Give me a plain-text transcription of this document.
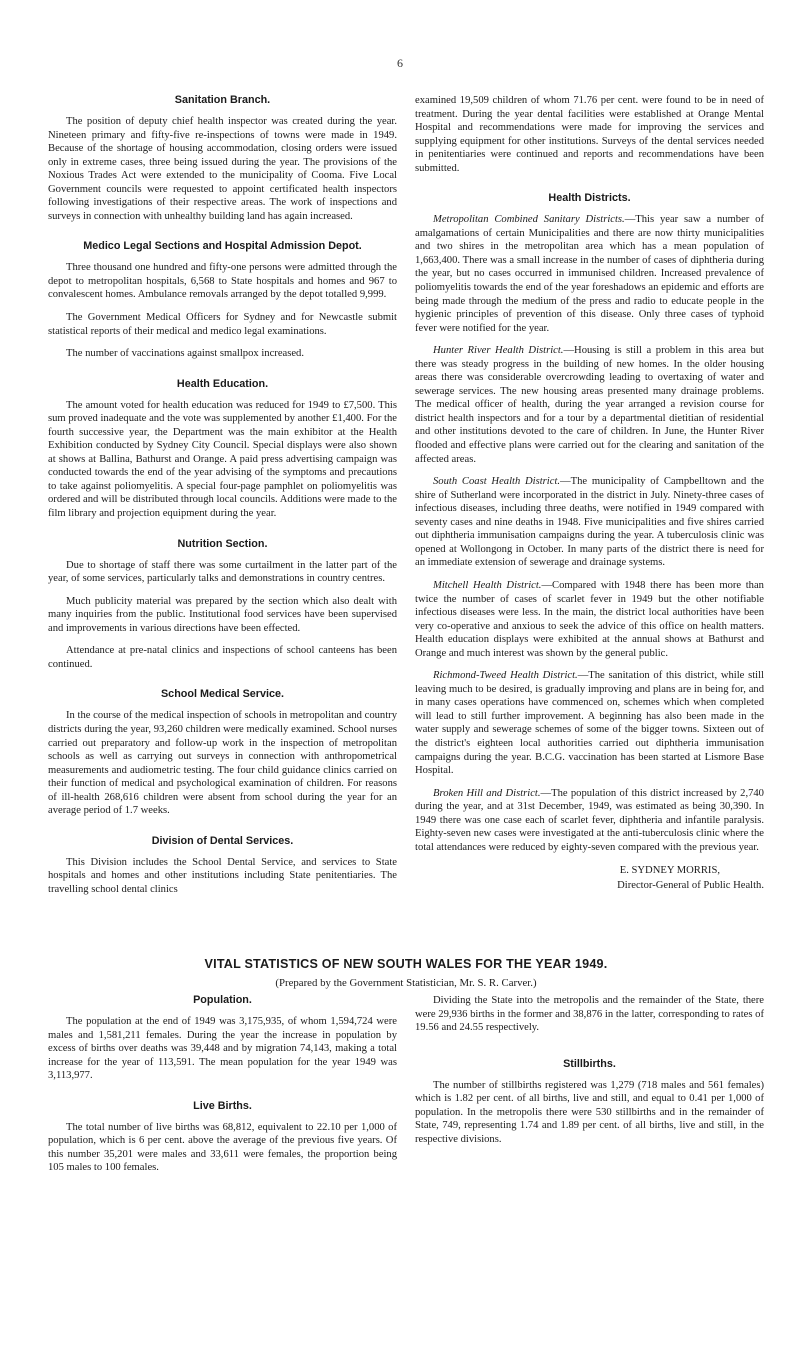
6
Sanitation Branch.

The position of deputy chief health inspector was created during the year. Nineteen primary and fifty-five re-inspections of towns were made in 1949. Because of the shortage of housing accommodation, closing orders were issued only in extreme cases, three being issued during the year. The provisions of the Noxious Trades Act were extended to the municipality of Cooma. Five Local Government councils were requested to appoint certificated health inspectors following investigations of their respective areas. The work of inspections and surveys in connection with unhealthy building land has again increased.

Medico Legal Sections and Hospital Admission Depot.

Three thousand one hundred and fifty-one persons were admitted through the depot to metropolitan hospitals, 6,568 to State hospitals and homes and 967 to convalescent homes. Ambulance removals arranged by the depot totalled 9,999.

The Government Medical Officers for Sydney and for Newcastle submit statistical reports of their medical and medico legal examinations.

The number of vaccinations against smallpox increased.

Health Education.

The amount voted for health education was reduced for 1949 to £7,500. This sum proved inadequate and the vote was supplemented by another £1,400. For the fourth successive year, the Department was the main exhibitor at the Health Exhibition conducted by Sydney City Council. Special displays were also shown at shows at Ballina, Bathurst and Orange. A paid press advertising campaign was conducted towards the end of the year advising of the symptoms and precautions to take against poliomyelitis. A special four-page pamphlet on poliomyelitis was ordered and will be distributed through local councils. Additions were made to the film library and projection equipment during the year.

Nutrition Section.

Due to shortage of staff there was some curtailment in the latter part of the year, of some services, particularly talks and demonstrations in country centres.

Much publicity material was prepared by the section which also dealt with many inquiries from the public. Institutional food services have been supervised and improvements in various directions have been effected.

Attendance at pre-natal clinics and inspections of school canteens has been continued.

School Medical Service.

In the course of the medical inspection of schools in metropolitan and country districts during the year, 93,260 children were medically examined. School nurses carried out preparatory and follow-up work in the inspection of metropolitan schools as well as carrying out surveys in connection with anthropometrical measurements and audiometric testing. The four child guidance clinics carried on their function of medical and psychological examination of children. For reasons of ill-health 268,616 children were absent from school during the year for an average period of 1.7 weeks.

Division of Dental Services.

This Division includes the School Dental Service, and services to State hospitals and homes and other institutions including State penitentiaries. The travelling school dental clinics

examined 19,509 children of whom 71.76 per cent. were found to be in need of treatment. During the year dental facilities were established at Orange Mental Hospital and recommendations were made for improving the services and supplying equipment for other institutions. Surveys of the dental services needed in penitentiaries were continued and reports and recommendations have been submitted.

Health Districts.

Metropolitan Combined Sanitary Districts.—This year saw a number of amalgamations of certain Municipalities and there are now thirty municipalities and two shires in the metropolitan area which has a mean population of 1,663,400. There was a small increase in the number of cases of diphtheria during the year, but no cases occurred in immunised children. Increased prevalence of poliomyelitis towards the end of the year foreshadows an epidemic and efforts are being made through the medium of the press and radio to educate people in the hygienic principles of prevention of this disease. Only three cases of typhoid fever were notified for the year.

Hunter River Health District.—Housing is still a problem in this area but there was steady progress in the building of new homes. In the older housing areas there was considerable overcrowding leading to overtaxing of water and sewerage services. The new housing areas presented many drainage problems. The medical officer of health, during the year arranged a revision course for district health inspectors and for a tour by a departmental dietitian of residential and other institutions devoted to the care of children. In June, the Hunter River flooded and effective plans were carried out for the clearing and sanitation of the affected areas.

South Coast Health District.—The municipality of Campbelltown and the shire of Sutherland were incorporated in the district in July. Ninety-three cases of infectious diseases, including three deaths, were notified in 1949 compared with seventy cases and nine deaths in 1948. Five municipalities and five shires carried out diphtheria immunisation campaigns during the year. A tuberculosis clinic was opened at Wollongong in October. In many parts of the district there is need for an immediate extension of sewerage and drainage systems.

Mitchell Health District.—Compared with 1948 there has been more than twice the number of cases of scarlet fever in 1949 but the other notifiable infectious diseases were less. In the main, the district local authorities have been very co-operative and anxious to seek the advice of this office on health matters. Health education displays were exhibited at the annual shows at Bathurst and Orange and much interest was shown by the general public.

Richmond-Tweed Health District.—The sanitation of this district, while still leaving much to be desired, is gradually improving and plans are in being for, and in many cases operations have commenced on, schemes which when completed will lead to still further improvement. A beginning has also been made in the water supply and sewerage schemes of some of the bigger towns. Sixteen out of the district's eighteen local authorities carried out diphtheria immunisation campaigns during the year. B.C.G. vaccination has been started at Lismore Base Hospital.

Broken Hill and District.—The population of this district increased by 2,740 during the year, and at 31st December, 1949, was estimated as being 30,390. In 1949 there was one case each of scarlet fever, diphtheria and infantile paralysis. Eighty-seven new cases were investigated at the anti-tuberculosis clinic where the total attendances were reduced by eighty-seven compared with the previous year.

E. SYDNEY MORRIS,
Director-General of Public Health.
VITAL STATISTICS OF NEW SOUTH WALES FOR THE YEAR 1949.
(Prepared by the Government Statistician, Mr. S. R. Carver.)
Population.

The population at the end of 1949 was 3,175,935, of whom 1,594,724 were males and 1,581,211 females. During the year the increase in population by excess of births over deaths was 39,448 and by migration 74,143, making a total increase for the year of 113,591. The mean population for the year 1949 was 3,113,977.

Live Births.

The total number of live births was 68,812, equivalent to 22.10 per 1,000 of population, which is 6 per cent. above the average of the previous five years. Of this number 35,201 were males and 33,611 were females, the proportion being 105 males to 100 females.

Dividing the State into the metropolis and the remainder of the State, there were 29,936 births in the former and 38,876 in the latter, corresponding to rates of 19.56 and 24.55 respectively.

Stillbirths.

The number of stillbirths registered was 1,279 (718 males and 561 females) which is 1.82 per cent. of all births, live and still, and equal to 0.41 per 1,000 of population. In the metropolis there were 530 stillbirths and in the remainder of State, 749, representing 1.74 and 1.89 per cent. of all births, live and still, in the respective divisions.
